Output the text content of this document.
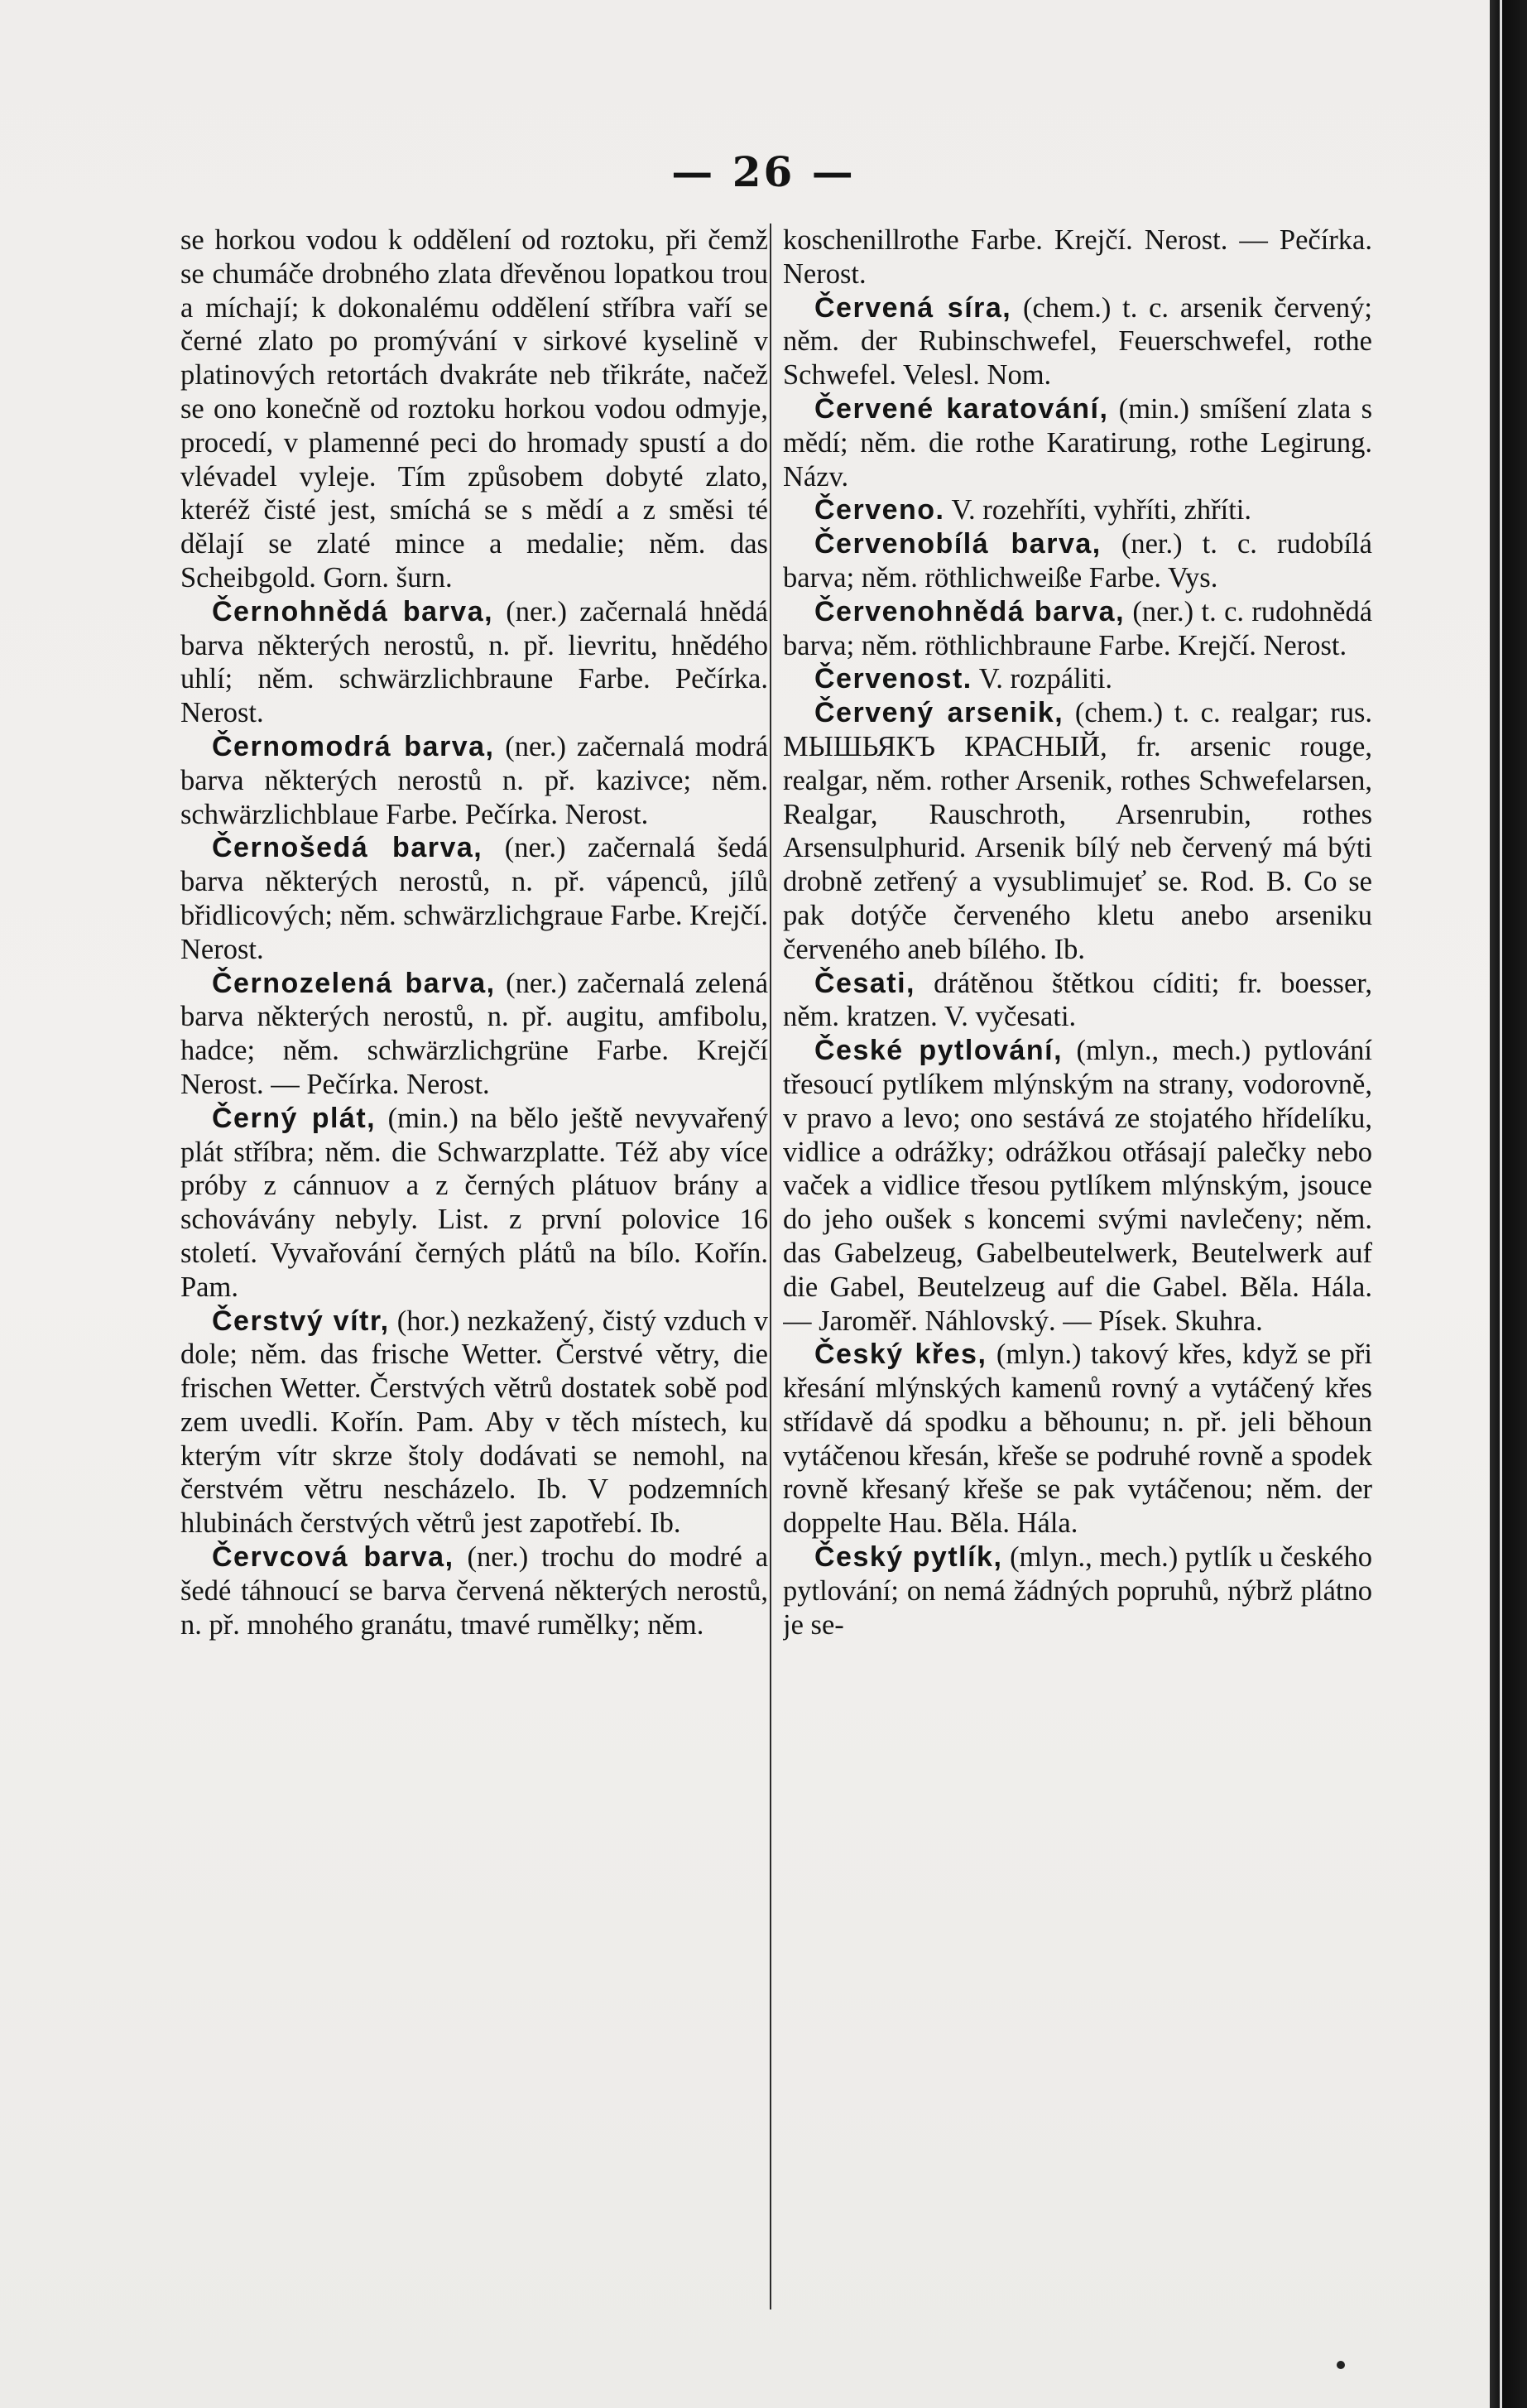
— 26 —

se horkou vodou k oddělení od roztoku, při čemž se chumáče drobného zlata dřevěnou lopatkou trou a míchají; k dokonalému oddělení stříbra vaří se černé zlato po promývání v sirkové kyselině v platinových retortách dvakráte neb třikráte, načež se ono konečně od roztoku horkou vodou odmyje, procedí, v plamenné peci do hromady spustí a do vlévadel vyleje. Tím způsobem dobyté zlato, kteréž čisté jest, smíchá se s mědí a z směsi té dělají se zlaté mince a medalie; něm. das Scheibgold. Gorn. šurn.

Černohnědá barva, (ner.) začernalá hnědá barva některých nerostů, n. př. lievritu, hnědého uhlí; něm. schwärzlichbraune Farbe. Pečírka. Nerost.

Černomodrá barva, (ner.) začernalá modrá barva některých nerostů n. př. kazivce; něm. schwärzlichblaue Farbe. Pečírka. Nerost.

Černošedá barva, (ner.) začernalá šedá barva některých nerostů, n. př. vápenců, jílů břidlicových; něm. schwärzlichgraue Farbe. Krejčí. Nerost.

Černozelená barva, (ner.) začernalá zelená barva některých nerostů, n. př. augitu, amfibolu, hadce; něm. schwärzlichgrüne Farbe. Krejčí Nerost. — Pečírka. Nerost.

Černý plát, (min.) na bělo ještě nevyvařený plát stříbra; něm. die Schwarzplatte. Též aby více próby z cánnuov a z černých plátuov brány a schovávány nebyly. List. z první polovice 16 století. Vyvařování černých plátů na bílo. Kořín. Pam.

Čerstvý vítr, (hor.) nezkažený, čistý vzduch v dole; něm. das frische Wetter. Čerstvé větry, die frischen Wetter. Čerstvých větrů dostatek sobě pod zem uvedli. Kořín. Pam. Aby v těch místech, ku kterým vítr skrze štoly dodávati se nemohl, na čerstvém větru nescházelo. Ib. V podzemních hlubinách čerstvých větrů jest zapotřebí. Ib.

Červcová barva, (ner.) trochu do modré a šedé táhnoucí se barva červená některých nerostů, n. př. mnohého granátu, tmavé rumělky; něm.

koschenillrothe Farbe. Krejčí. Nerost. — Pečírka. Nerost.

Červená síra, (chem.) t. c. arsenik červený; něm. der Rubinschwefel, Feuerschwefel, rothe Schwefel. Velesl. Nom.

Červené karatování, (min.) smíšení zlata s mědí; něm. die rothe Karatirung, rothe Legirung. Názv.

Červeno. V. rozehříti, vyhříti, zhříti.

Červenobílá barva, (ner.) t. c. rudobílá barva; něm. röthlichweiße Farbe. Vys.

Červenohnědá barva, (ner.) t. c. rudohnědá barva; něm. röthlichbraune Farbe. Krejčí. Nerost.

Červenost. V. rozpáliti.

Červený arsenik, (chem.) t. c. realgar; rus. МЫШЬЯКЪ КРАСНЫЙ, fr. arsenic rouge, realgar, něm. rother Arsenik, rothes Schwefelarsen, Realgar, Rauschroth, Arsenrubin, rothes Arsensulphurid. Arsenik bílý neb červený má býti drobně zetřený a vysublimujeť se. Rod. B. Co se pak dotýče červeného kletu anebo arseniku červeného aneb bílého. Ib.

Česati, drátěnou štětkou cíditi; fr. boesser, něm. kratzen. V. vyčesati.

České pytlování, (mlyn., mech.) pytlování třesoucí pytlíkem mlýnským na strany, vodorovně, v pravo a levo; ono sestává ze stojatého hřídelíku, vidlice a odrážky; odrážkou otřásají palečky nebo vaček a vidlice třesou pytlíkem mlýnským, jsouce do jeho oušek s koncemi svými navlečeny; něm. das Gabelzeug, Gabelbeutelwerk, Beutelwerk auf die Gabel, Beutelzeug auf die Gabel. Běla. Hála. — Jaroměř. Náhlovský. — Písek. Skuhra.

Český křes, (mlyn.) takový křes, když se při křesání mlýnských kamenů rovný a vytáčený křes střídavě dá spodku a běhounu; n. př. jeli běhoun vytáčenou křesán, křeše se podruhé rovně a spodek rovně křesaný křeše se pak vytáčenou; něm. der doppelte Hau. Běla. Hála.

Český pytlík, (mlyn., mech.) pytlík u českého pytlování; on nemá žádných popruhů, nýbrž plátno je se-
